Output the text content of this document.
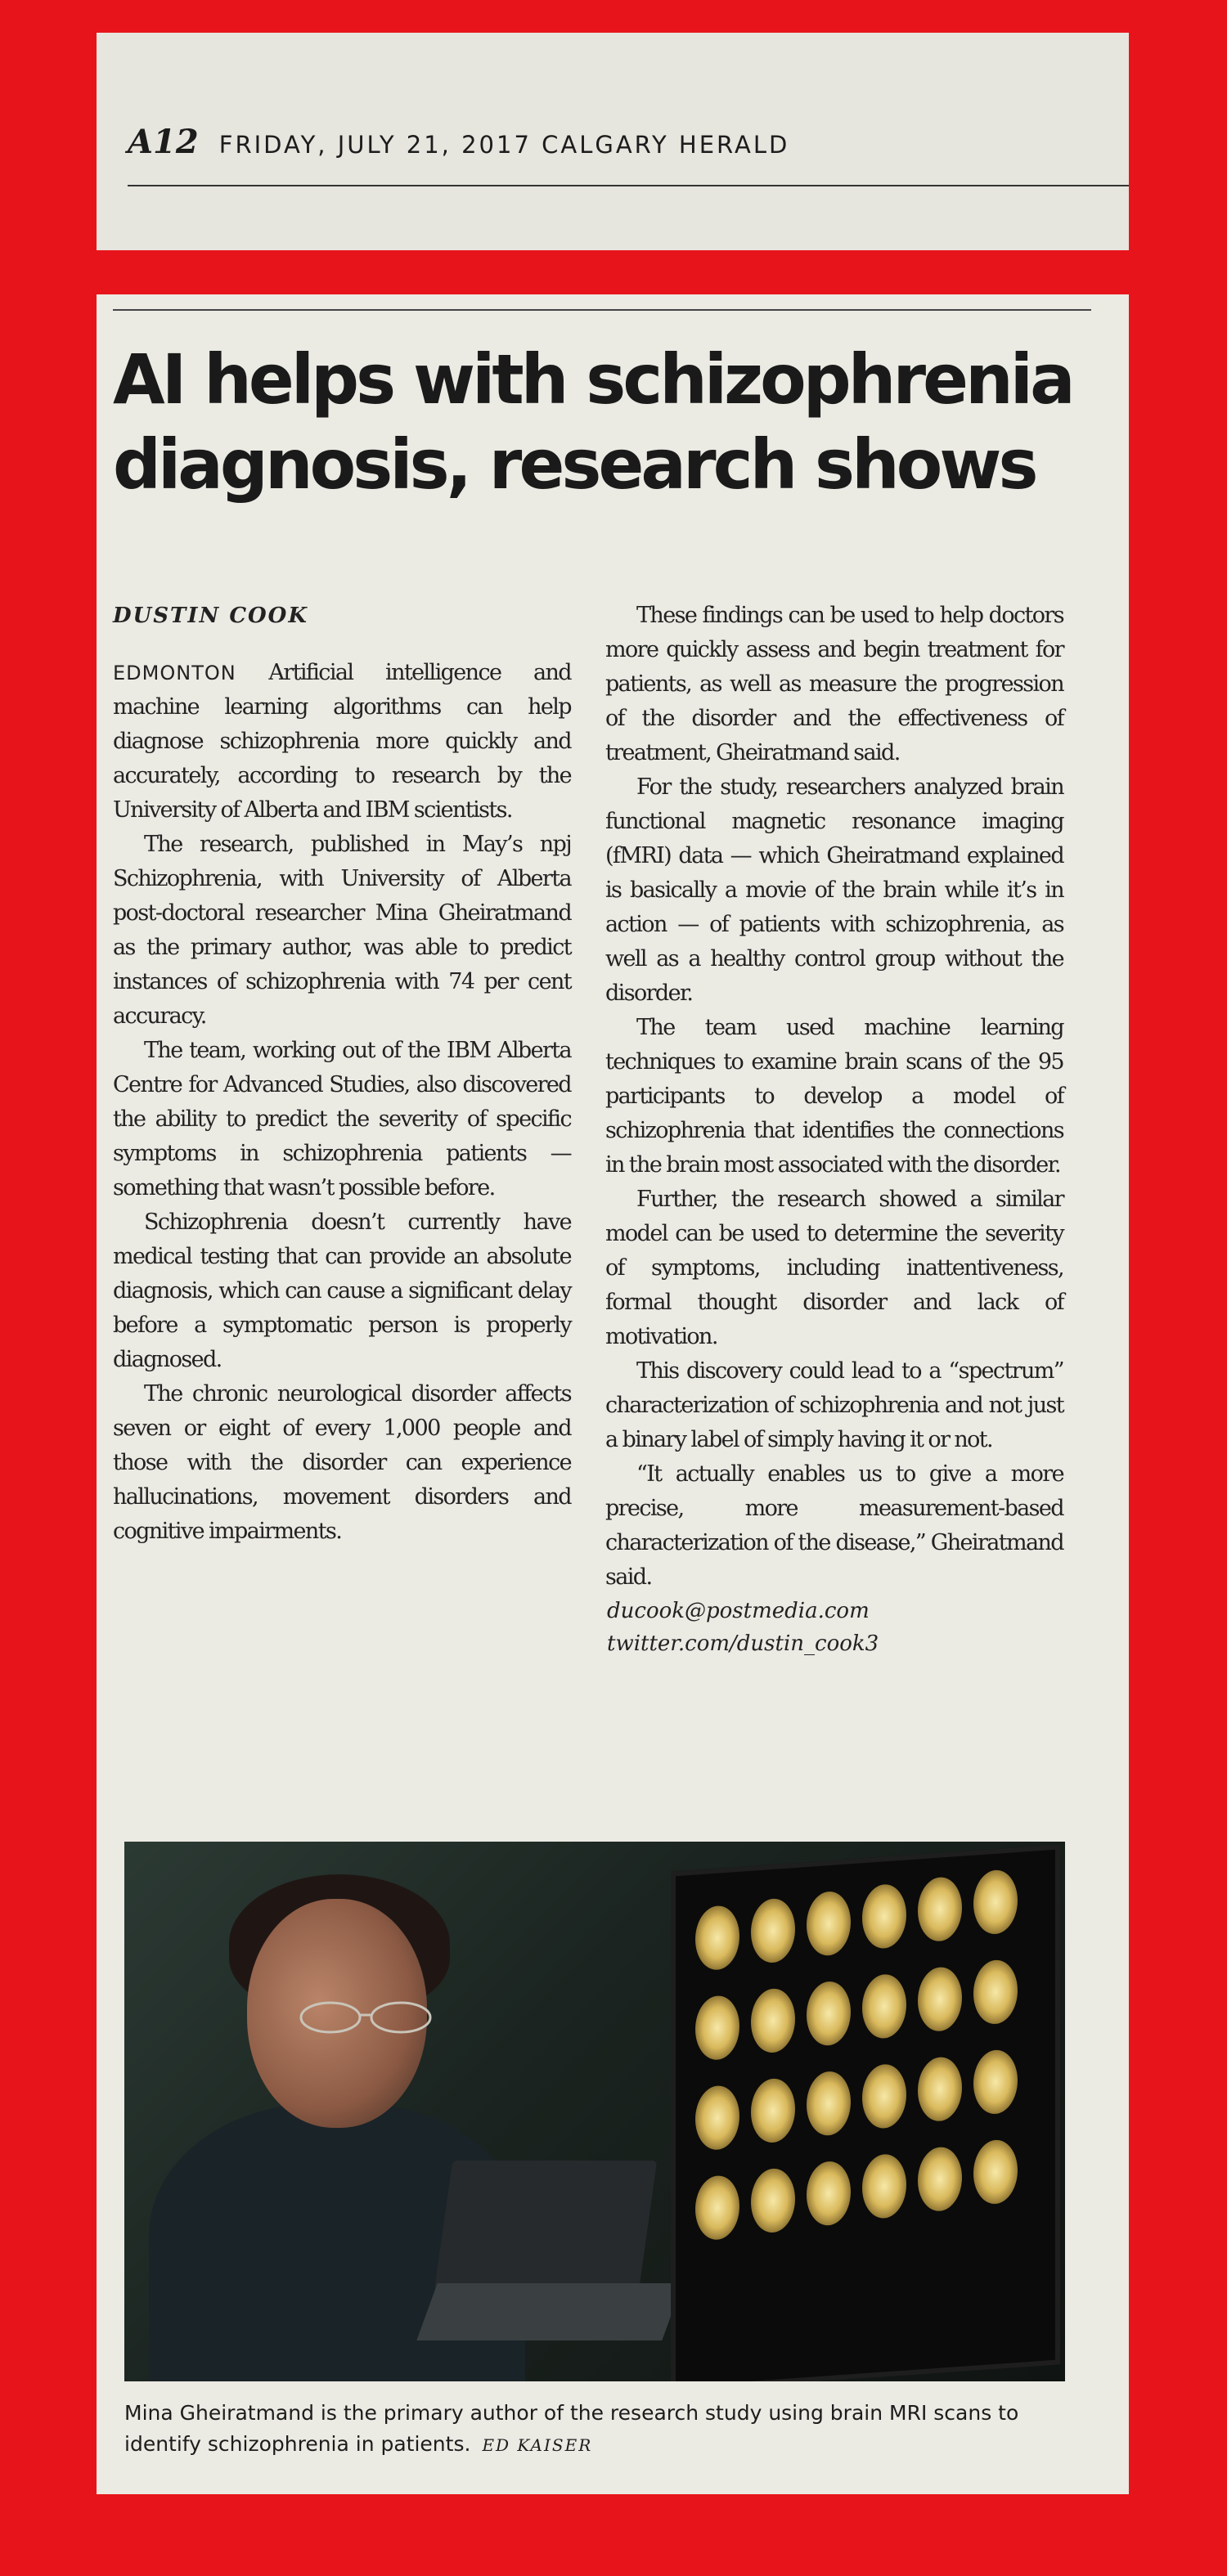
A12 FRIDAY, JULY 21, 2017 CALGARY HERALD
AI helps with schizophrenia
diagnosis, research shows
DUSTIN COOK

EDMONTON Artificial intelligence and machine learning algorithms can help diagnose schizophrenia more quickly and accurately, according to research by the University of Alberta and IBM scientists.

The research, published in May’s npj Schizophrenia, with University of Alberta post-doctoral researcher Mina Gheiratmand as the primary author, was able to predict instances of schizophrenia with 74 per cent accuracy.

The team, working out of the IBM Alberta Centre for Advanced Studies, also discovered the ability to predict the severity of specific symptoms in schizophrenia patients — something that wasn’t possible before.

Schizophrenia doesn’t currently have medical testing that can provide an absolute diagnosis, which can cause a significant delay before a symptomatic person is properly diagnosed.

The chronic neurological disorder affects seven or eight of every 1,000 people and those with the disorder can experience hallucinations, movement disorders and cognitive impairments.

These findings can be used to help doctors more quickly assess and begin treatment for patients, as well as measure the progression of the disorder and the effectiveness of treatment, Gheiratmand said.

For the study, researchers analyzed brain functional magnetic resonance imaging (fMRI) data — which Gheiratmand explained is basically a movie of the brain while it’s in action — of patients with schizophrenia, as well as a healthy control group without the disorder.

The team used machine learning techniques to examine brain scans of the 95 participants to develop a model of schizophrenia that identifies the connections in the brain most associated with the disorder.

Further, the research showed a similar model can be used to determine the severity of symptoms, including inattentiveness, formal thought disorder and lack of motivation.

This discovery could lead to a “spectrum” characterization of schizophrenia and not just a binary label of simply having it or not.

“It actually enables us to give a more precise, more measurement-based characterization of the disease,” Gheiratmand said.

ducook@postmedia.com
twitter.com/dustin_cook3

Mina Gheiratmand is the primary author of the research study using brain MRI scans to identify schizophrenia in patients. ED KAISER
